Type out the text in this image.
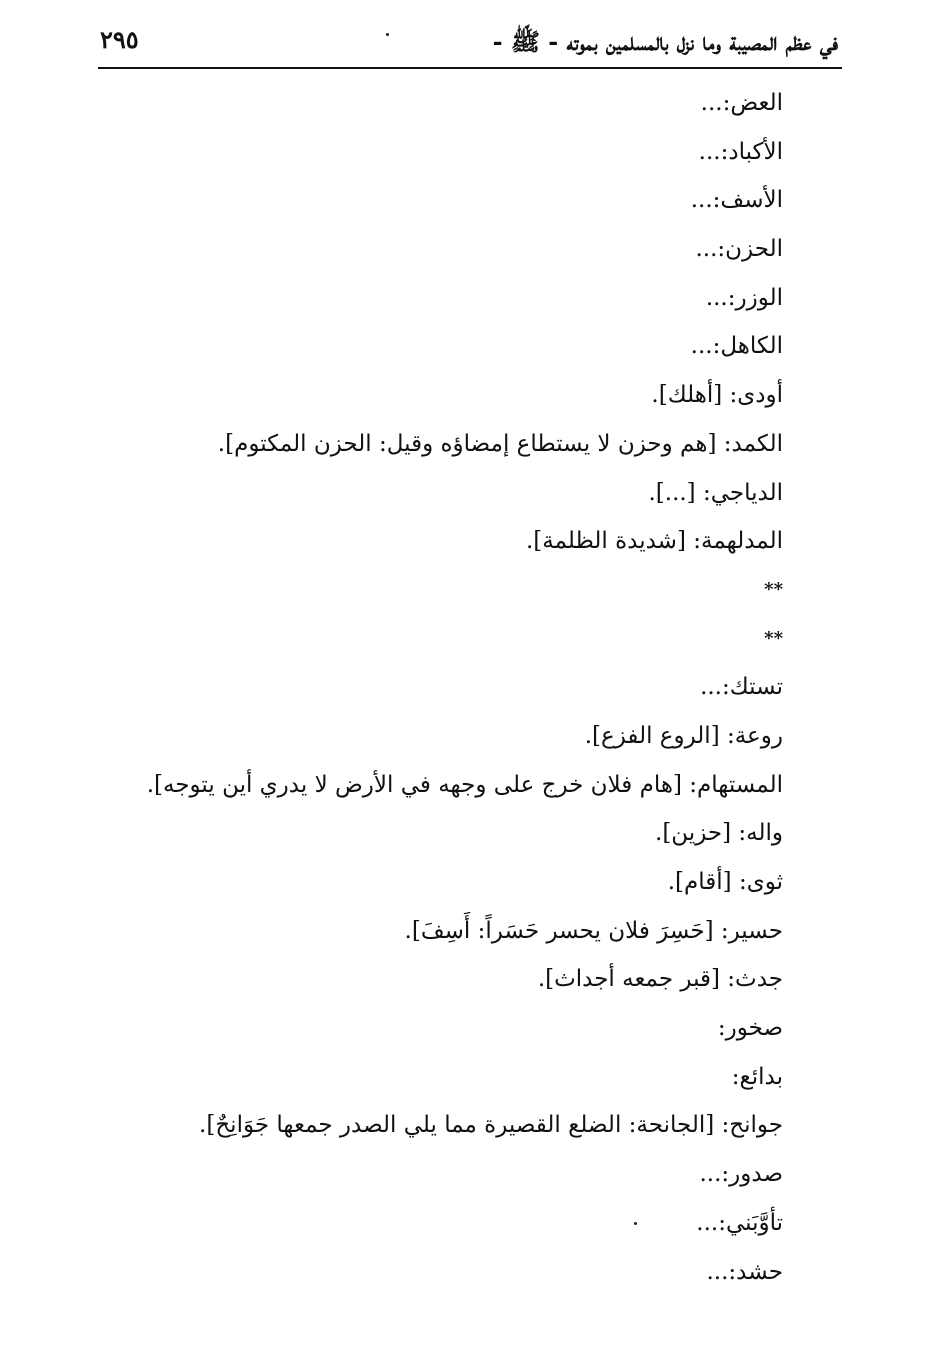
في عظم المصيبة وما نزل بالمسلمين بموته - ﷺ -
٢٩٥
العض:...
الأكباد:...
الأسف:...
الحزن:...
الوزر:...
الكاهل:...
أودى: [أهلك].
الكمد: [هم وحزن لا يستطاع إمضاؤه وقيل: الحزن المكتوم].
الدياجي: [...].
المدلهمة: [شديدة الظلمة].
**
**
تستك:...
روعة: [الروع الفزع].
المستهام: [هام فلان خرج على وجهه في الأرض لا يدري أين يتوجه].
واله: [حزين].
ثوى: [أقام].
حسير: [حَسِرَ فلان يحسر حَسَراً: أَسِفَ].
جدث: [قبر جمعه أجداث].
صخور:
بدائع:
جوانح: [الجانحة: الضلع القصيرة مما يلي الصدر جمعها جَوَانِحٌ].
صدور:...
تأوَّبَني:...
حشد:...
